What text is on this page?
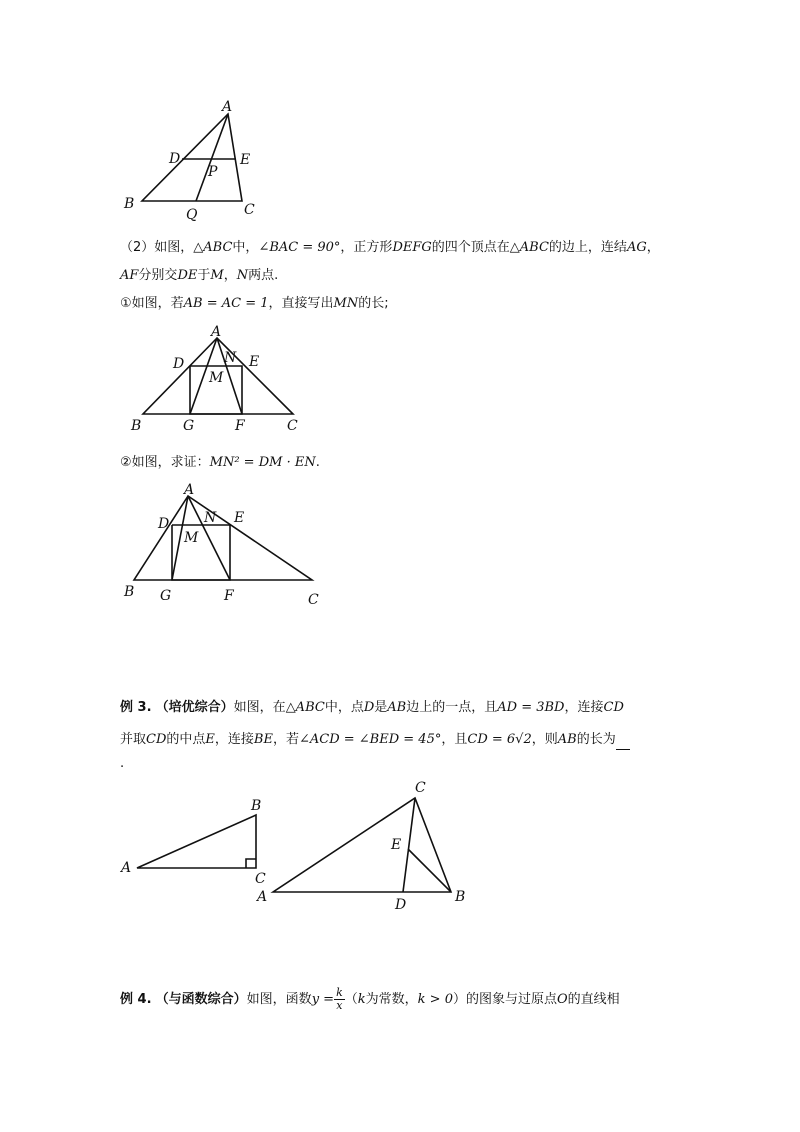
A
D	E
P
B
Q	C
（2）如图，△ABC中，∠BAC = 90°，正方形DEFG的四个顶点在△ABC的边上，连结AG，
AF分别交DE于M，N两点.
①如图，若AB = AC = 1，直接写出MN的长;
A
D	N E
M
B	G	F	C
②如图，求证：MN² = DM · EN.
A
D N E
M
B G	F	C
例 3. （培优综合）如图，在△ABC中，点D是AB边上的一点，且AD = 3BD，连接CD
并取CD的中点E，连接BE，若∠ACD = ∠BED = 45°，且CD = 6√2，则AB的长为
.
B
A
C
C
E
A	D	B
例 4. （与函数综合）如图，函数$y = \frac{k}{x} (k$为常数，k > 0）的图象与过原点O的直线相
